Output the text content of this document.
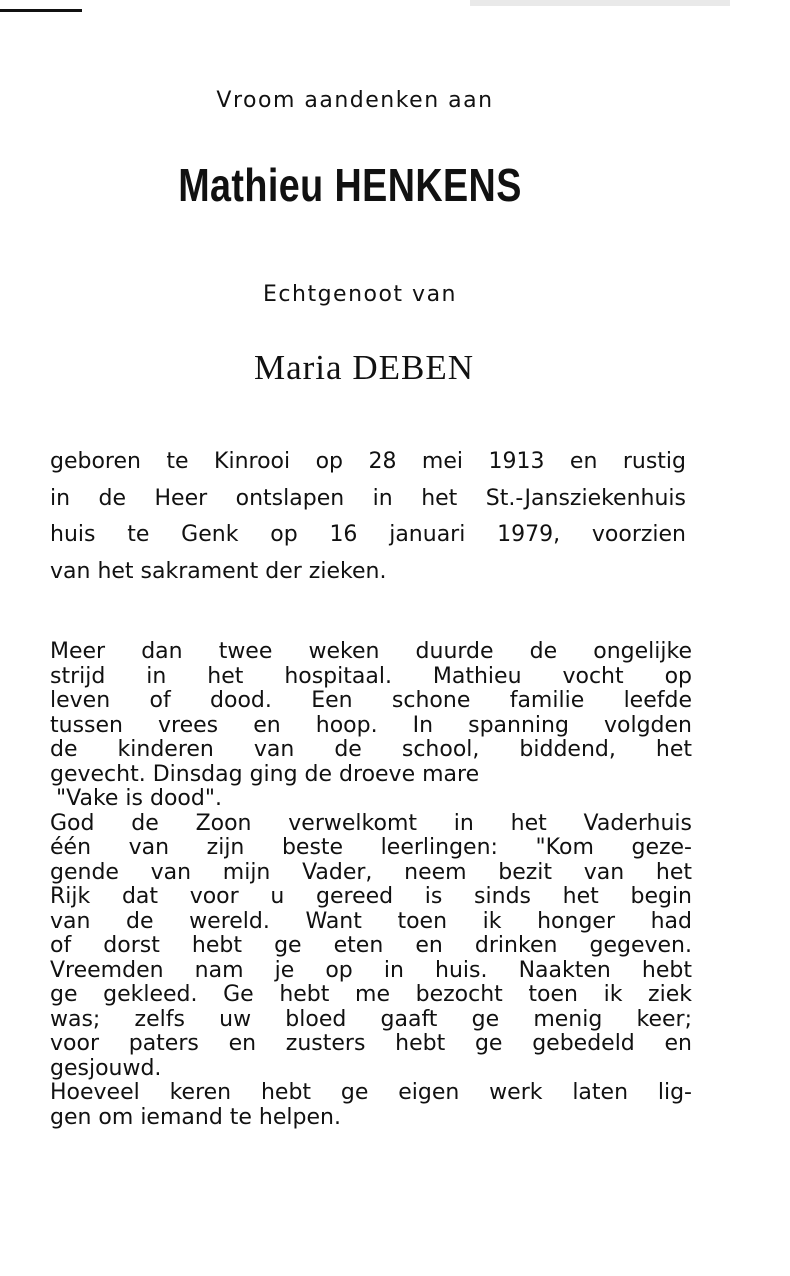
Vroom aandenken aan
Mathieu HENKENS
Echtgenoot van
Maria DEBEN
geboren te Kinrooi op 28 mei 1913 en rustig
in de Heer ontslapen in het St.-Jansziekenhuis
huis te Genk op 16 januari 1979, voorzien
van het sakrament der zieken.
Meer dan twee weken duurde de ongelijke
strijd in het hospitaal. Mathieu vocht op
leven of dood. Een schone familie leefde
tussen vrees en hoop. In spanning volgden
de kinderen van de school, biddend, het
gevecht. Dinsdag ging de droeve mare
"Vake is dood".
God de Zoon verwelkomt in het Vaderhuis
één van zijn beste leerlingen: "Kom geze-
gende van mijn Vader, neem bezit van het
Rijk dat voor u gereed is sinds het begin
van de wereld. Want toen ik honger had
of dorst hebt ge eten en drinken gegeven.
Vreemden nam je op in huis. Naakten hebt
ge gekleed. Ge hebt me bezocht toen ik ziek
was; zelfs uw bloed gaaft ge menig keer;
voor paters en zusters hebt ge gebedeld en
gesjouwd.
Hoeveel keren hebt ge eigen werk laten lig-
gen om iemand te helpen.
